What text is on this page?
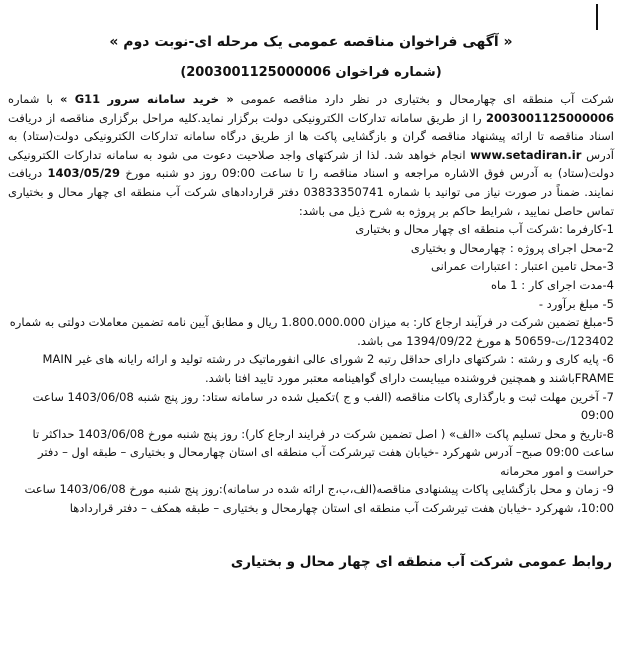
« آگهی فراخوان مناقصه عمومی یک مرحله ای-نوبت دوم »
(شماره فراخوان 2003001125000006)

شرکت آب منطقه ای چهارمحال و بختیاری در نظر دارد مناقصه عمومی « خرید سامانه سرور G11 » با شماره 2003001125000006 را از طریق سامانه تدارکات الکترونیکی دولت برگزار نماید.کلیه مراحل برگزاری مناقصه از دریافت اسناد مناقصه تا ارائه پیشنهاد مناقصه گران و بازگشایی پاکت ها از طریق درگاه سامانه تدارکات الکترونیکی دولت(ستاد) به آدرس www.setadiran.ir انجام خواهد شد. لذا از شرکتهای واجد صلاحیت دعوت می شود به سامانه تدارکات الکترونیکی دولت(ستاد) به آدرس فوق الاشاره مراجعه و اسناد مناقصه را تا ساعت 09:00 روز دو شنبه مورخ 1403/05/29 دریافت نمایند. ضمناً در صورت نیاز می توانید با شماره 03833350741 دفتر قراردادهای شرکت آب منطقه ای چهار محال و بختیاری تماس حاصل نمایید ، شرایط حاکم بر پروژه به شرح ذیل می باشد:

1-کارفرما :شرکت آب منطقه ای چهار محال و بختیاری
2-محل اجرای پروژه : چهارمحال و بختیاری
3-محل تامین اعتبار : اعتبارات عمرانی
4-مدت اجرای کار : 1 ماه
5- مبلغ برآورد -
5-مبلغ تضمین شرکت در فرآیند ارجاع کار: به میزان 1.800.000.000 ریال و مطابق آیین نامه تضمین معاملات دولتی به شماره 123402/ت-50659 ﻫ مورخ 1394/09/22 می باشد.
6- پایه کاری و رشته : شرکتهای دارای حداقل رتبه 2 شورای عالی انفورماتیک در رشته تولید و ارائه رایانه های غیر MAIN FRAMEباشند و همچنین فروشنده میبایست دارای گواهینامه معتبر مورد تایید افتا باشد.
7- آخرین مهلت ثبت و بارگذاری پاکات مناقصه (الفب و ج )تکمیل شده در سامانه ستاد: روز پنج شنبه 1403/06/08 ساعت 09:00
8-تاریخ و محل تسلیم پاکت «الف» ( اصل تضمین شرکت در فرایند ارجاع کار): روز پنج شنبه مورخ 1403/06/08 حداکثر تا ساعت 09:00 صبح– آدرس شهرکرد -خیابان هفت تیرشرکت آب منطقه ای استان چهارمحال و بختیاری – طبقه اول – دفتر حراست و امور محرمانه
9- زمان و محل بازگشایی پاکات پیشنهادی مناقصه(الف،ب،ج ارائه شده در سامانه):روز پنج شنبه مورخ 1403/06/08 ساعت 10:00، شهرکرد -خیابان هفت تیرشرکت آب منطقه ای استان چهارمحال و بختیاری – طبقه همکف – دفتر قراردادها
روابط عمومی شرکت آب منطقه ای چهار محال و بختیاری
